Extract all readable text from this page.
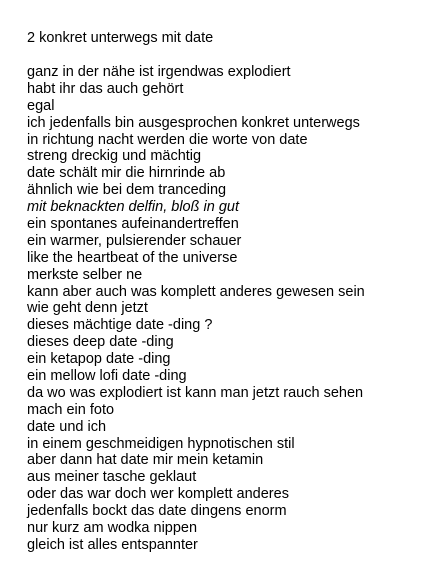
2 konkret unterwegs mit date
ganz in der nähe ist irgendwas explodiert
habt ihr das auch gehört
egal
ich jedenfalls bin ausgesprochen konkret unterwegs
in richtung nacht werden die worte von date
streng dreckig und mächtig
date schält mir die hirnrinde ab
ähnlich wie bei dem tranceding
mit beknackten delfin, bloß in gut
ein spontanes aufeinandertreffen
ein warmer, pulsierender schauer
like the heartbeat of the universe
merkste selber ne
kann aber auch was komplett anderes gewesen sein
wie geht denn jetzt
dieses mächtige date -ding ?
dieses deep date -ding
ein ketapop date -ding
ein mellow lofi date -ding
da wo was explodiert ist kann man jetzt rauch sehen
mach ein foto
date und ich
in einem geschmeidigen hypnotischen stil
aber dann hat date mir mein ketamin
aus meiner tasche geklaut
oder das war doch wer komplett anderes
jedenfalls bockt das date dingens enorm
nur kurz am wodka nippen
gleich ist alles entspannter
